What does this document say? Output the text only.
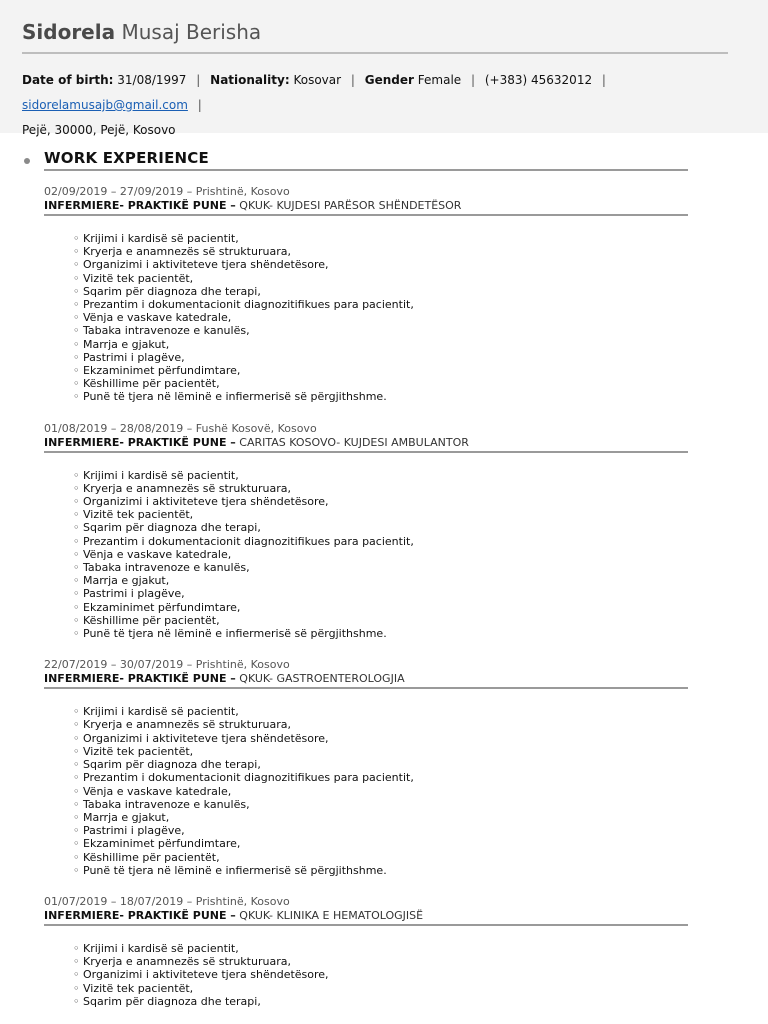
Sidorela Musaj Berisha
Date of birth: 31/08/1997 | Nationality: Kosovar | Gender Female | (+383) 45632012 | sidorelamusajb@gmail.com |
Pejë, 30000, Pejë, Kosovo
WORK EXPERIENCE
02/09/2019 – 27/09/2019 – Prishtinë, Kosovo
INFERMIERE- PRAKTIKË PUNE – QKUK- KUJDESI PARËSOR SHËNDETËSOR
◦ Krijimi i kardisë së pacientit,
◦ Kryerja e anamnezës së strukturuara,
◦ Organizimi i aktiviteteve tjera shëndetësore,
◦ Vizitë tek pacientët,
◦ Sqarim për diagnoza dhe terapi,
◦ Prezantim i dokumentacionit diagnozitifikues para pacientit,
◦ Vënja e vaskave katedrale,
◦ Tabaka intravenoze e kanulës,
◦ Marrja e gjakut,
◦ Pastrimi i plagëve,
◦ Ekzaminimet përfundimtare,
◦ Këshillime për pacientët,
◦ Punë të tjera në lëminë e infiermerisë së përgjithshme.
01/08/2019 – 28/08/2019 – Fushë Kosovë, Kosovo
INFERMIERE- PRAKTIKË PUNE – CARITAS KOSOVO- KUJDESI AMBULANTOR
◦ Krijimi i kardisë së pacientit,
◦ Kryerja e anamnezës së strukturuara,
◦ Organizimi i aktiviteteve tjera shëndetësore,
◦ Vizitë tek pacientët,
◦ Sqarim për diagnoza dhe terapi,
◦ Prezantim i dokumentacionit diagnozitifikues para pacientit,
◦ Vënja e vaskave katedrale,
◦ Tabaka intravenoze e kanulës,
◦ Marrja e gjakut,
◦ Pastrimi i plagëve,
◦ Ekzaminimet përfundimtare,
◦ Këshillime për pacientët,
◦ Punë të tjera në lëminë e infiermerisë së përgjithshme.
22/07/2019 – 30/07/2019 – Prishtinë, Kosovo
INFERMIERE- PRAKTIKË PUNE – QKUK- GASTROENTEROLOGJIA
◦ Krijimi i kardisë së pacientit,
◦ Kryerja e anamnezës së strukturuara,
◦ Organizimi i aktiviteteve tjera shëndetësore,
◦ Vizitë tek pacientët,
◦ Sqarim për diagnoza dhe terapi,
◦ Prezantim i dokumentacionit diagnozitifikues para pacientit,
◦ Vënja e vaskave katedrale,
◦ Tabaka intravenoze e kanulës,
◦ Marrja e gjakut,
◦ Pastrimi i plagëve,
◦ Ekzaminimet përfundimtare,
◦ Këshillime për pacientët,
◦ Punë të tjera në lëminë e infiermerisë së përgjithshme.
01/07/2019 – 18/07/2019 – Prishtinë, Kosovo
INFERMIERE- PRAKTIKË PUNE – QKUK- KLINIKA E HEMATOLOGJISË
◦ Krijimi i kardisë së pacientit,
◦ Kryerja e anamnezës së strukturuara,
◦ Organizimi i aktiviteteve tjera shëndetësore,
◦ Vizitë tek pacientët,
◦ Sqarim për diagnoza dhe terapi,
